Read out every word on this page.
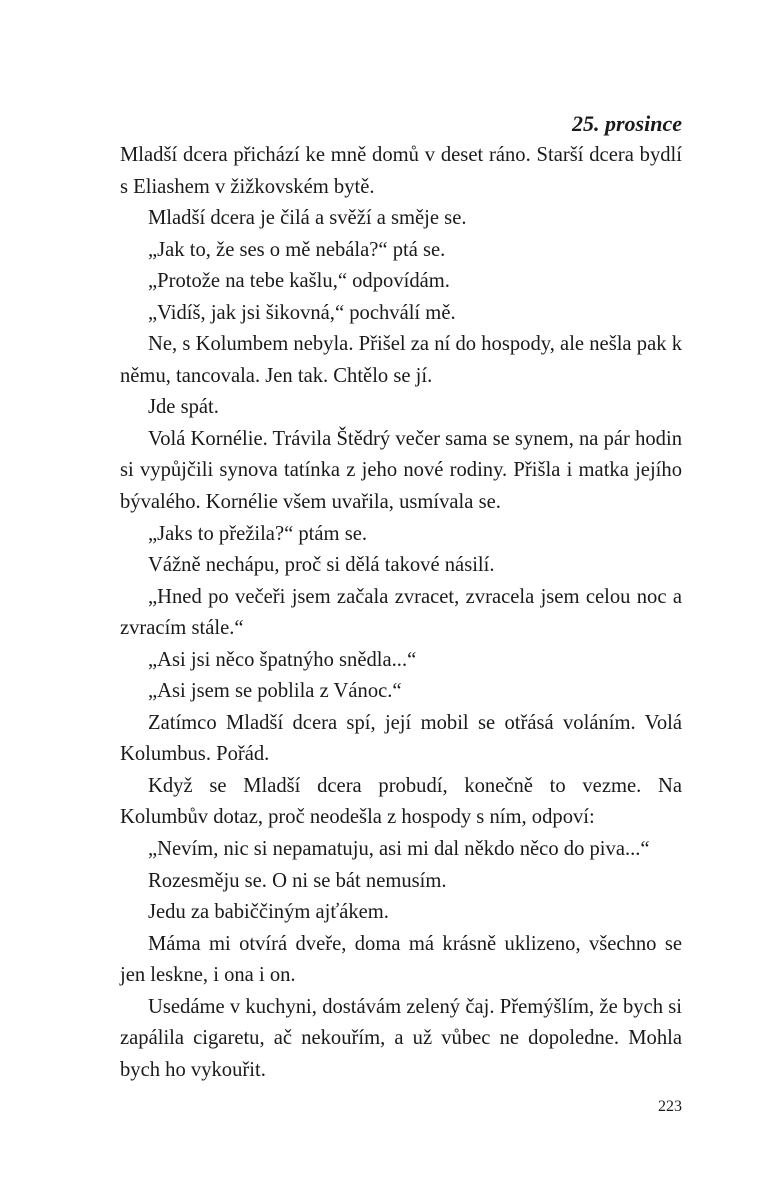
25. prosince

Mladší dcera přichází ke mně domů v deset ráno. Starší dcera bydlí s Eliashem v žižkovském bytě.

Mladší dcera je čilá a svěží a směje se.

„Jak to, že ses o mě nebála?“ ptá se.

„Protože na tebe kašlu,“ odpovídám.

„Vidíš, jak jsi šikovná,“ pochválí mě.

Ne, s Kolumbem nebyla. Přišel za ní do hospody, ale nešla pak k němu, tancovala. Jen tak. Chtělo se jí.

Jde spát.

Volá Kornélie. Trávila Štědrý večer sama se synem, na pár hodin si vypůjčili synova tatínka z jeho nové rodiny. Přišla i matka jejího bývalého. Kornélie všem uvařila, usmívala se.

„Jaks to přežila?“ ptám se.

Vážně nechápu, proč si dělá takové násilí.

„Hned po večeři jsem začala zvracet, zvracela jsem celou noc a zvracím stále.“

„Asi jsi něco špatnýho snědla...“

„Asi jsem se poblila z Vánoc.“

Zatímco Mladší dcera spí, její mobil se otřásá voláním. Volá Kolumbus. Pořád.

Když se Mladší dcera probudí, konečně to vezme. Na Kolumbův dotaz, proč neodešla z hospody s ním, odpoví:

„Nevím, nic si nepamatuju, asi mi dal někdo něco do piva...“

Rozesměju se. O ni se bát nemusím.

Jedu za babiččiným ajťákem.

Máma mi otvírá dveře, doma má krásně uklizeno, všechno se jen leskne, i ona i on.

Usedáme v kuchyni, dostávám zelený čaj. Přemýšlím, že bych si zapálila cigaretu, ač nekouřím, a už vůbec ne dopoledne. Mohla bych ho vykouřit.

223
